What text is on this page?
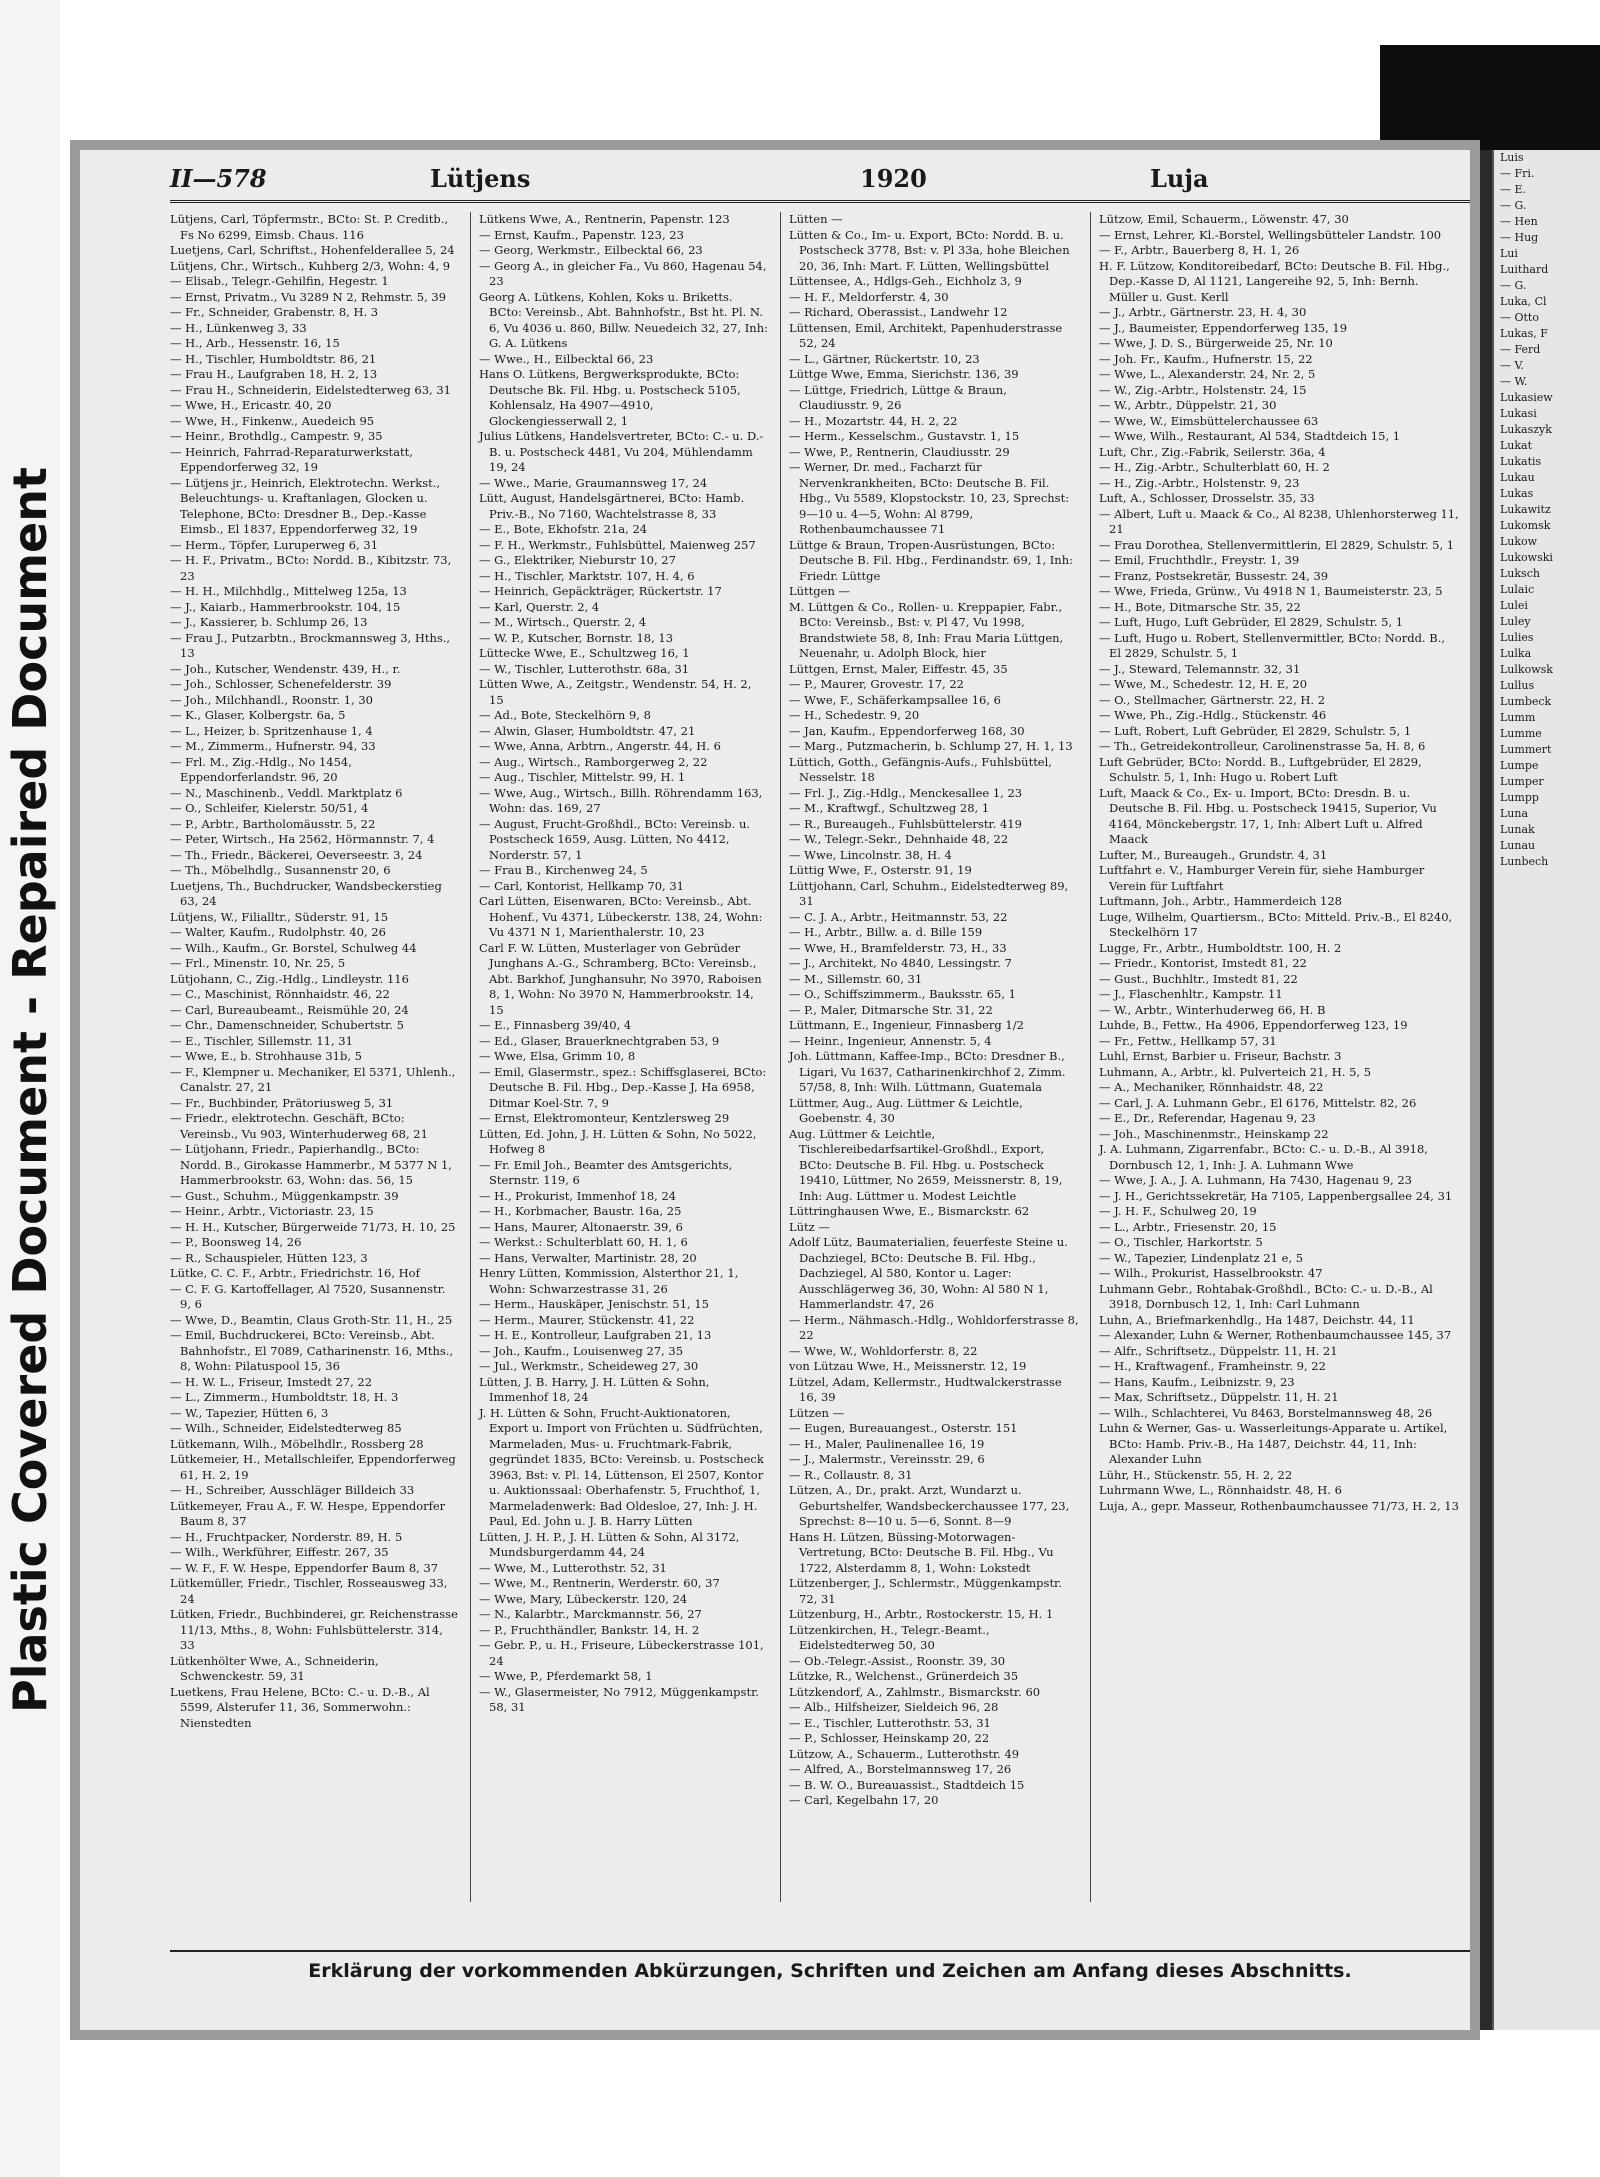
Plastic Covered Document - Repaired Document
II—578	Lütjens	1920	Luja

Lütjens, Carl, Töpfermstr., BCto: St. P. Creditb., Fs No 6299, Eimsb. Chaus. 116

Luetjens, Carl, Schriftst., Hohenfelderallee 5, 24

Lütjens, Chr., Wirtsch., Kuhberg 2/3, Wohn: 4, 9

— Elisab., Telegr.-Gehilfin, Hegestr. 1

— Ernst, Privatm., Vu 3289 N 2, Rehmstr. 5, 39

— Fr., Schneider, Grabenstr. 8, H. 3

— H., Lünkenweg 3, 33

— H., Arb., Hessenstr. 16, 15

— H., Tischler, Humboldtstr. 86, 21

— Frau H., Laufgraben 18, H. 2, 13

— Frau H., Schneiderin, Eidelstedterweg 63, 31

— Wwe, H., Ericastr. 40, 20

— Wwe, H., Finkenw., Auedeich 95

— Heinr., Brothdlg., Campestr. 9, 35

— Heinrich, Fahrrad-Reparaturwerkstatt, Eppendorferweg 32, 19

— Lütjens jr., Heinrich, Elektrotechn. Werkst., Beleuchtungs- u. Kraftanlagen, Glocken u. Telephone, BCto: Dresdner B., Dep.-Kasse Eimsb., El 1837, Eppendorferweg 32, 19

— Herm., Töpfer, Luruperweg 6, 31

— H. F., Privatm., BCto: Nordd. B., Kibitzstr. 73, 23

— H. H., Milchhdlg., Mittelweg 125a, 13

— J., Kaiarb., Hammerbrookstr. 104, 15

— J., Kassierer, b. Schlump 26, 13

— Frau J., Putzarbtn., Brockmannsweg 3, Hths., 13

— Joh., Kutscher, Wendenstr. 439, H., r.

— Joh., Schlosser, Schenefelderstr. 39

— Joh., Milchhandl., Roonstr. 1, 30

— K., Glaser, Kolbergstr. 6a, 5

— L., Heizer, b. Spritzenhause 1, 4

— M., Zimmerm., Hufnerstr. 94, 33

— Frl. M., Zig.-Hdlg., No 1454, Eppendorferlandstr. 96, 20

— N., Maschinenb., Veddl. Marktplatz 6

— O., Schleifer, Kielerstr. 50/51, 4

— P., Arbtr., Bartholomäusstr. 5, 22

— Peter, Wirtsch., Ha 2562, Hörmannstr. 7, 4

— Th., Friedr., Bäckerei, Oeverseestr. 3, 24

— Th., Möbelhdlg., Susannenstr 20, 6

Luetjens, Th., Buchdrucker, Wandsbeckerstieg 63, 24

Lütjens, W., Filialltr., Süderstr. 91, 15

— Walter, Kaufm., Rudolphstr. 40, 26

— Wilh., Kaufm., Gr. Borstel, Schulweg 44

— Frl., Minenstr. 10, Nr. 25, 5

Lütjohann, C., Zig.-Hdlg., Lindleystr. 116

— C., Maschinist, Rönnhaidstr. 46, 22

— Carl, Bureaubeamt., Reismühle 20, 24

— Chr., Damenschneider, Schubertstr. 5

— E., Tischler, Sillemstr. 11, 31

— Wwe, E., b. Strohhause 31b, 5

— F., Klempner u. Mechaniker, El 5371, Uhlenh., Canalstr. 27, 21

— Fr., Buchbinder, Prätoriusweg 5, 31

— Friedr., elektrotechn. Geschäft, BCto: Vereinsb., Vu 903, Winterhuderweg 68, 21

— Lütjohann, Friedr., Papierhandlg., BCto: Nordd. B., Girokasse Hammerbr., M 5377 N 1, Hammerbrookstr. 63, Wohn: das. 56, 15

— Gust., Schuhm., Müggenkampstr. 39

— Heinr., Arbtr., Victoriastr. 23, 15

— H. H., Kutscher, Bürgerweide 71/73, H. 10, 25

— P., Boonsweg 14, 26

— R., Schauspieler, Hütten 123, 3

Lütke, C. C. F., Arbtr., Friedrichstr. 16, Hof

— C. F. G. Kartoffellager, Al 7520, Susannenstr. 9, 6

— Wwe, D., Beamtin, Claus Groth-Str. 11, H., 25

— Emil, Buchdruckerei, BCto: Vereinsb., Abt. Bahnhofstr., El 7089, Catharinenstr. 16, Mths., 8, Wohn: Pilatuspool 15, 36

— H. W. L., Friseur, Imstedt 27, 22

— L., Zimmerm., Humboldtstr. 18, H. 3

— W., Tapezier, Hütten 6, 3

— Wilh., Schneider, Eidelstedterweg 85

Lütkemann, Wilh., Möbelhdlr., Rossberg 28

Lütkemeier, H., Metallschleifer, Eppendorferweg 61, H. 2, 19

— H., Schreiber, Ausschläger Billdeich 33

Lütkemeyer, Frau A., F. W. Hespe, Eppendorfer Baum 8, 37

— H., Fruchtpacker, Norderstr. 89, H. 5

— Wilh., Werkführer, Eiffestr. 267, 35

— W. F., F. W. Hespe, Eppendorfer Baum 8, 37

Lütkemüller, Friedr., Tischler, Rosseausweg 33, 24

Lütken, Friedr., Buchbinderei, gr. Reichenstrasse 11/13, Mths., 8, Wohn: Fuhlsbüttelerstr. 314, 33

Lütkenhölter Wwe, A., Schneiderin, Schwenckestr. 59, 31

Luetkens, Frau Helene, BCto: C.- u. D.-B., Al 5599, Alsterufer 11, 36, Sommerwohn.: Nienstedten

Lütkens Wwe, A., Rentnerin, Papenstr. 123

— Ernst, Kaufm., Papenstr. 123, 23

— Georg, Werkmstr., Eilbecktal 66, 23

— Georg A., in gleicher Fa., Vu 860, Hagenau 54, 23

Georg A. Lütkens, Kohlen, Koks u. Briketts. BCto: Vereinsb., Abt. Bahnhofstr., Bst ht. Pl. N. 6, Vu 4036 u. 860, Billw. Neuedeich 32, 27, Inh: G. A. Lütkens

— Wwe., H., Eilbecktal 66, 23

Hans O. Lütkens, Bergwerksprodukte, BCto: Deutsche Bk. Fil. Hbg. u. Postscheck 5105, Kohlensalz, Ha 4907—4910, Glockengiesserwall 2, 1

Julius Lütkens, Handelsvertreter, BCto: C.- u. D.-B. u. Postscheck 4481, Vu 204, Mühlendamm 19, 24

— Wwe., Marie, Graumannsweg 17, 24

Lütt, August, Handelsgärtnerei, BCto: Hamb. Priv.-B., No 7160, Wachtelstrasse 8, 33

— E., Bote, Ekhofstr. 21a, 24

— F. H., Werkmstr., Fuhlsbüttel, Maienweg 257

— G., Elektriker, Nieburstr 10, 27

— H., Tischler, Marktstr. 107, H. 4, 6

— Heinrich, Gepäckträger, Rückertstr. 17

— Karl, Querstr. 2, 4

— M., Wirtsch., Querstr. 2, 4

— W. P., Kutscher, Bornstr. 18, 13

Lüttecke Wwe, E., Schultzweg 16, 1

— W., Tischler, Lutterothstr. 68a, 31

Lütten Wwe, A., Zeitgstr., Wendenstr. 54, H. 2, 15

— Ad., Bote, Steckelhörn 9, 8

— Alwin, Glaser, Humboldtstr. 47, 21

— Wwe, Anna, Arbtrn., Angerstr. 44, H. 6

— Aug., Wirtsch., Ramborgerweg 2, 22

— Aug., Tischler, Mittelstr. 99, H. 1

— Wwe, Aug., Wirtsch., Billh. Röhrendamm 163, Wohn: das. 169, 27

— August, Frucht-Großhdl., BCto: Vereinsb. u. Postscheck 1659, Ausg. Lütten, No 4412, Norderstr. 57, 1

— Frau B., Kirchenweg 24, 5

— Carl, Kontorist, Hellkamp 70, 31

Carl Lütten, Eisenwaren, BCto: Vereinsb., Abt. Hohenf., Vu 4371, Lübeckerstr. 138, 24, Wohn: Vu 4371 N 1, Marienthalerstr. 10, 23

Carl F. W. Lütten, Musterlager von Gebrüder Junghans A.-G., Schramberg, BCto: Vereinsb., Abt. Barkhof, Junghansuhr, No 3970, Raboisen 8, 1, Wohn: No 3970 N, Hammerbrookstr. 14, 15

— E., Finnasberg 39/40, 4

— Ed., Glaser, Brauerknechtgraben 53, 9

— Wwe, Elsa, Grimm 10, 8

— Emil, Glasermstr., spez.: Schiffsglaserei, BCto: Deutsche B. Fil. Hbg., Dep.-Kasse J, Ha 6958, Ditmar Koel-Str. 7, 9

— Ernst, Elektromonteur, Kentzlersweg 29

Lütten, Ed. John, J. H. Lütten & Sohn, No 5022, Hofweg 8

— Fr. Emil Joh., Beamter des Amtsgerichts, Sternstr. 119, 6

— H., Prokurist, Immenhof 18, 24

— H., Korbmacher, Baustr. 16a, 25

— Hans, Maurer, Altonaerstr. 39, 6

— Werkst.: Schulterblatt 60, H. 1, 6

— Hans, Verwalter, Martinistr. 28, 20

Henry Lütten, Kommission, Alsterthor 21, 1, Wohn: Schwarzestrasse 31, 26

— Herm., Hauskäper, Jenischstr. 51, 15

— Herm., Maurer, Stückenstr. 41, 22

— H. E., Kontrolleur, Laufgraben 21, 13

— Joh., Kaufm., Louisenweg 27, 35

— Jul., Werkmstr., Scheideweg 27, 30

Lütten, J. B. Harry, J. H. Lütten & Sohn, Immenhof 18, 24

J. H. Lütten & Sohn, Frucht-Auktionatoren, Export u. Import von Früchten u. Südfrüchten, Marmeladen, Mus- u. Fruchtmark-Fabrik, gegründet 1835, BCto: Vereinsb. u. Postscheck 3963, Bst: v. Pl. 14, Lüttenson, El 2507, Kontor u. Auktionssaal: Oberhafenstr. 5, Fruchthof, 1, Marmeladenwerk: Bad Oldesloe, 27, Inh: J. H. Paul, Ed. John u. J. B. Harry Lütten

Lütten, J. H. P., J. H. Lütten & Sohn, Al 3172, Mundsburgerdamm 44, 24

— Wwe, M., Lutterothstr. 52, 31

— Wwe, M., Rentnerin, Werderstr. 60, 37

— Wwe, Mary, Lübeckerstr. 120, 24

— N., Kalarbtr., Marckmannstr. 56, 27

— P., Fruchthändler, Bankstr. 14, H. 2

— Gebr. P., u. H., Friseure, Lübeckerstrasse 101, 24

— Wwe, P., Pferdemarkt 58, 1

— W., Glasermeister, No 7912, Müggenkampstr. 58, 31

Lütten —

Lütten & Co., Im- u. Export, BCto: Nordd. B. u. Postscheck 3778, Bst: v. Pl 33a, hohe Bleichen 20, 36, Inh: Mart. F. Lütten, Wellingsbüttel

Lüttensee, A., Hdlgs-Geh., Eichholz 3, 9

— H. F., Meldorferstr. 4, 30

— Richard, Oberassist., Landwehr 12

Lüttensen, Emil, Architekt, Papenhuderstrasse 52, 24

— L., Gärtner, Rückertstr. 10, 23

Lüttge Wwe, Emma, Sierichstr. 136, 39

— Lüttge, Friedrich, Lüttge & Braun, Claudiusstr. 9, 26

— H., Mozartstr. 44, H. 2, 22

— Herm., Kesselschm., Gustavstr. 1, 15

— Wwe, P., Rentnerin, Claudiusstr. 29

— Werner, Dr. med., Facharzt für Nervenkrankheiten, BCto: Deutsche B. Fil. Hbg., Vu 5589, Klopstockstr. 10, 23, Sprechst: 9—10 u. 4—5, Wohn: Al 8799, Rothenbaumchaussee 71

Lüttge & Braun, Tropen-Ausrüstungen, BCto: Deutsche B. Fil. Hbg., Ferdinandstr. 69, 1, Inh: Friedr. Lüttge

Lüttgen —

M. Lüttgen & Co., Rollen- u. Kreppapier, Fabr., BCto: Vereinsb., Bst: v. Pl 47, Vu 1998, Brandstwiete 58, 8, Inh: Frau Maria Lüttgen, Neuenahr, u. Adolph Block, hier

Lüttgen, Ernst, Maler, Eiffestr. 45, 35

— P., Maurer, Grovestr. 17, 22

— Wwe, F., Schäferkampsallee 16, 6

— H., Schedestr. 9, 20

— Jan, Kaufm., Eppendorferweg 168, 30

— Marg., Putzmacherin, b. Schlump 27, H. 1, 13

Lüttich, Gotth., Gefängnis-Aufs., Fuhlsbüttel, Nesselstr. 18

— Frl. J., Zig.-Hdlg., Menckesallee 1, 23

— M., Kraftwgf., Schultzweg 28, 1

— R., Bureaugeh., Fuhlsbüttelerstr. 419

— W., Telegr.-Sekr., Dehnhaide 48, 22

— Wwe, Lincolnstr. 38, H. 4

Lüttig Wwe, F., Osterstr. 91, 19

Lüttjohann, Carl, Schuhm., Eidelstedterweg 89, 31

— C. J. A., Arbtr., Heitmannstr. 53, 22

— H., Arbtr., Billw. a. d. Bille 159

— Wwe, H., Bramfelderstr. 73, H., 33

— J., Architekt, No 4840, Lessingstr. 7

— M., Sillemstr. 60, 31

— O., Schiffszimmerm., Bauksstr. 65, 1

— P., Maler, Ditmarsche Str. 31, 22

Lüttmann, E., Ingenieur, Finnasberg 1/2

— Heinr., Ingenieur, Annenstr. 5, 4

Joh. Lüttmann, Kaffee-Imp., BCto: Dresdner B., Ligari, Vu 1637, Catharinenkirchhof 2, Zimm. 57/58, 8, Inh: Wilh. Lüttmann, Guatemala

Lüttmer, Aug., Aug. Lüttmer & Leichtle, Goebenstr. 4, 30

Aug. Lüttmer & Leichtle, Tischlereibedarfsartikel-Großhdl., Export, BCto: Deutsche B. Fil. Hbg. u. Postscheck 19410, Lüttmer, No 2659, Meissnerstr. 8, 19, Inh: Aug. Lüttmer u. Modest Leichtle

Lüttringhausen Wwe, E., Bismarckstr. 62

Lütz —

Adolf Lütz, Baumaterialien, feuerfeste Steine u. Dachziegel, BCto: Deutsche B. Fil. Hbg., Dachziegel, Al 580, Kontor u. Lager: Ausschlägerweg 36, 30, Wohn: Al 580 N 1, Hammerlandstr. 47, 26

— Herm., Nähmasch.-Hdlg., Wohldorferstrasse 8, 22

— Wwe, W., Wohldorferstr. 8, 22

von Lützau Wwe, H., Meissnerstr. 12, 19

Lützel, Adam, Kellermstr., Hudtwalckerstrasse 16, 39

Lützen —

— Eugen, Bureauangest., Osterstr. 151

— H., Maler, Paulinenallee 16, 19

— J., Malermstr., Vereinsstr. 29, 6

— R., Collaustr. 8, 31

Lützen, A., Dr., prakt. Arzt, Wundarzt u. Geburtshelfer, Wandsbeckerchaussee 177, 23, Sprechst: 8—10 u. 5—6, Sonnt. 8—9

Hans H. Lützen, Büssing-Motorwagen-Vertretung, BCto: Deutsche B. Fil. Hbg., Vu 1722, Alsterdamm 8, 1, Wohn: Lokstedt

Lützenberger, J., Schlermstr., Müggenkampstr. 72, 31

Lützenburg, H., Arbtr., Rostockerstr. 15, H. 1

Lützenkirchen, H., Telegr.-Beamt., Eidelstedterweg 50, 30

— Ob.-Telegr.-Assist., Roonstr. 39, 30

Lützke, R., Welchenst., Grünerdeich 35

Lützkendorf, A., Zahlmstr., Bismarckstr. 60

— Alb., Hilfsheizer, Sieldeich 96, 28

— E., Tischler, Lutterothstr. 53, 31

— P., Schlosser, Heinskamp 20, 22

Lützow, A., Schauerm., Lutterothstr. 49

— Alfred, A., Borstelmannsweg 17, 26

— B. W. O., Bureauassist., Stadtdeich 15

— Carl, Kegelbahn 17, 20

Lützow, Emil, Schauerm., Löwenstr. 47, 30

— Ernst, Lehrer, Kl.-Borstel, Wellingsbütteler Landstr. 100

— F., Arbtr., Bauerberg 8, H. 1, 26

H. F. Lützow, Konditoreibedarf, BCto: Deutsche B. Fil. Hbg., Dep.-Kasse D, Al 1121, Langereihe 92, 5, Inh: Bernh. Müller u. Gust. Kerll

— J., Arbtr., Gärtnerstr. 23, H. 4, 30

— J., Baumeister, Eppendorferweg 135, 19

— Wwe, J. D. S., Bürgerweide 25, Nr. 10

— Joh. Fr., Kaufm., Hufnerstr. 15, 22

— Wwe, L., Alexanderstr. 24, Nr. 2, 5

— W., Zig.-Arbtr., Holstenstr. 24, 15

— W., Arbtr., Düppelstr. 21, 30

— Wwe, W., Eimsbüttelerchaussee 63

— Wwe, Wilh., Restaurant, Al 534, Stadtdeich 15, 1

Luft, Chr., Zig.-Fabrik, Seilerstr. 36a, 4

— H., Zig.-Arbtr., Schulterblatt 60, H. 2

— H., Zig.-Arbtr., Holstenstr. 9, 23

Luft, A., Schlosser, Drosselstr. 35, 33

— Albert, Luft u. Maack & Co., Al 8238, Uhlenhorsterweg 11, 21

— Frau Dorothea, Stellenvermittlerin, El 2829, Schulstr. 5, 1

— Emil, Fruchthdlr., Freystr. 1, 39

— Franz, Postsekretär, Bussestr. 24, 39

— Wwe, Frieda, Grünw., Vu 4918 N 1, Baumeisterstr. 23, 5

— H., Bote, Ditmarsche Str. 35, 22

— Luft, Hugo, Luft Gebrüder, El 2829, Schulstr. 5, 1

— Luft, Hugo u. Robert, Stellenvermittler, BCto: Nordd. B., El 2829, Schulstr. 5, 1

— J., Steward, Telemannstr. 32, 31

— Wwe, M., Schedestr. 12, H. E, 20

— O., Stellmacher, Gärtnerstr. 22, H. 2

— Wwe, Ph., Zig.-Hdlg., Stückenstr. 46

— Luft, Robert, Luft Gebrüder, El 2829, Schulstr. 5, 1

— Th., Getreidekontrolleur, Carolinenstrasse 5a, H. 8, 6

Luft Gebrüder, BCto: Nordd. B., Luftgebrüder, El 2829, Schulstr. 5, 1, Inh: Hugo u. Robert Luft

Luft, Maack & Co., Ex- u. Import, BCto: Dresdn. B. u. Deutsche B. Fil. Hbg. u. Postscheck 19415, Superior, Vu 4164, Mönckebergstr. 17, 1, Inh: Albert Luft u. Alfred Maack

Lufter, M., Bureaugeh., Grundstr. 4, 31

Luftfahrt e. V., Hamburger Verein für, siehe Hamburger Verein für Luftfahrt

Luftmann, Joh., Arbtr., Hammerdeich 128

Luge, Wilhelm, Quartiersm., BCto: Mitteld. Priv.-B., El 8240, Steckelhörn 17

Lugge, Fr., Arbtr., Humboldtstr. 100, H. 2

— Friedr., Kontorist, Imstedt 81, 22

— Gust., Buchhltr., Imstedt 81, 22

— J., Flaschenhltr., Kampstr. 11

— W., Arbtr., Winterhuderweg 66, H. B

Luhde, B., Fettw., Ha 4906, Eppendorferweg 123, 19

— Fr., Fettw., Hellkamp 57, 31

Luhl, Ernst, Barbier u. Friseur, Bachstr. 3

Luhmann, A., Arbtr., kl. Pulverteich 21, H. 5, 5

— A., Mechaniker, Rönnhaidstr. 48, 22

— Carl, J. A. Luhmann Gebr., El 6176, Mittelstr. 82, 26

— E., Dr., Referendar, Hagenau 9, 23

— Joh., Maschinenmstr., Heinskamp 22

J. A. Luhmann, Zigarrenfabr., BCto: C.- u. D.-B., Al 3918, Dornbusch 12, 1, Inh: J. A. Luhmann Wwe

— Wwe, J. A., J. A. Luhmann, Ha 7430, Hagenau 9, 23

— J. H., Gerichtssekretär, Ha 7105, Lappenbergsallee 24, 31

— J. H. F., Schulweg 20, 19

— L., Arbtr., Friesenstr. 20, 15

— O., Tischler, Harkortstr. 5

— W., Tapezier, Lindenplatz 21 e, 5

— Wilh., Prokurist, Hasselbrookstr. 47

Luhmann Gebr., Rohtabak-Großhdl., BCto: C.- u. D.-B., Al 3918, Dornbusch 12, 1, Inh: Carl Luhmann

Luhn, A., Briefmarkenhdlg., Ha 1487, Deichstr. 44, 11

— Alexander, Luhn & Werner, Rothenbaumchaussee 145, 37

— Alfr., Schriftsetz., Düppelstr. 11, H. 21

— H., Kraftwagenf., Framheinstr. 9, 22

— Hans, Kaufm., Leibnizstr. 9, 23

— Max, Schriftsetz., Düppelstr. 11, H. 21

— Wilh., Schlachterei, Vu 8463, Borstelmannsweg 48, 26

Luhn & Werner, Gas- u. Wasserleitungs-Apparate u. Artikel, BCto: Hamb. Priv.-B., Ha 1487, Deichstr. 44, 11, Inh: Alexander Luhn

Lühr, H., Stückenstr. 55, H. 2, 22

Luhrmann Wwe, L., Rönnhaidstr. 48, H. 6

Luja, A., gepr. Masseur, Rothenbaumchaussee 71/73, H. 2, 13

Erklärung der vorkommenden Abkürzungen, Schriften und Zeichen am Anfang dieses Abschnitts.
Luis
— Fri.
— E.
— G.
— Hen
— Hug
Lui
Luithard
— G.
Luka, Cl
— Otto
Lukas, F
— Ferd
— V.
— W.
Lukasiew
Lukasi
Lukaszyk
Lukat
Lukatis
Lukau
Lukas
Lukawitz
Lukomsk
Lukow
Lukowski
Luksch
Lulaic
Lulei
Luley
Lulies
Lulka
Lulkowsk
Lullus
Lumbeck
Lumm
Lumme
Lummert
Lumpe
Lumper
Lumpp
Luna
Lunak
Lunau
Lunbech
